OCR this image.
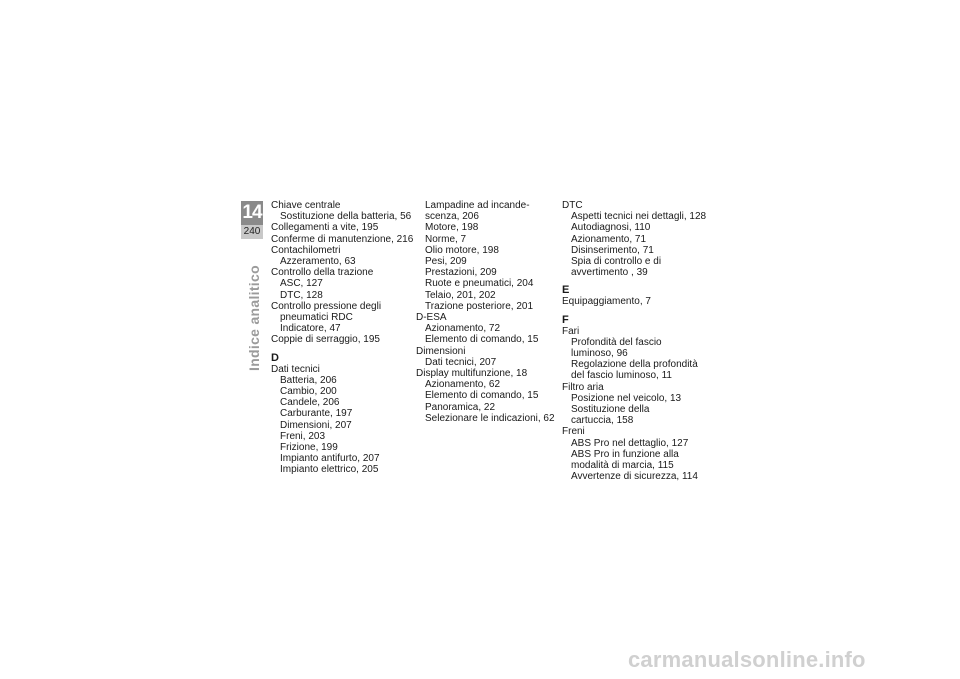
14
240
Indice analitico
Chiave centrale
Sostituzione della batteria, 56
Collegamenti a vite, 195
Conferme di manutenzione, 216
Contachilometri
Azzeramento, 63
Controllo della trazione
ASC, 127
DTC, 128
Controllo pressione degli
pneumatici RDC
Indicatore, 47
Coppie di serraggio, 195
D
Dati tecnici
Batteria, 206
Cambio, 200
Candele, 206
Carburante, 197
Dimensioni, 207
Freni, 203
Frizione, 199
Impianto antifurto, 207
Impianto elettrico, 205
Lampadine ad incande-
scenza, 206
Motore, 198
Norme, 7
Olio motore, 198
Pesi, 209
Prestazioni, 209
Ruote e pneumatici, 204
Telaio, 201, 202
Trazione posteriore, 201
D-ESA
Azionamento, 72
Elemento di comando, 15
Dimensioni
Dati tecnici, 207
Display multifunzione, 18
Azionamento, 62
Elemento di comando, 15
Panoramica, 22
Selezionare le indicazioni, 62
DTC
Aspetti tecnici nei dettagli, 128
Autodiagnosi, 110
Azionamento, 71
Disinserimento, 71
Spia di controllo e di
avvertimento , 39
E
Equipaggiamento, 7
F
Fari
Profondità del fascio
luminoso, 96
Regolazione della profondità
del fascio luminoso, 11
Filtro aria
Posizione nel veicolo, 13
Sostituzione della
cartuccia, 158
Freni
ABS Pro nel dettaglio, 127
ABS Pro in funzione alla
modalità di marcia, 115
Avvertenze di sicurezza, 114
carmanualsonline.info
